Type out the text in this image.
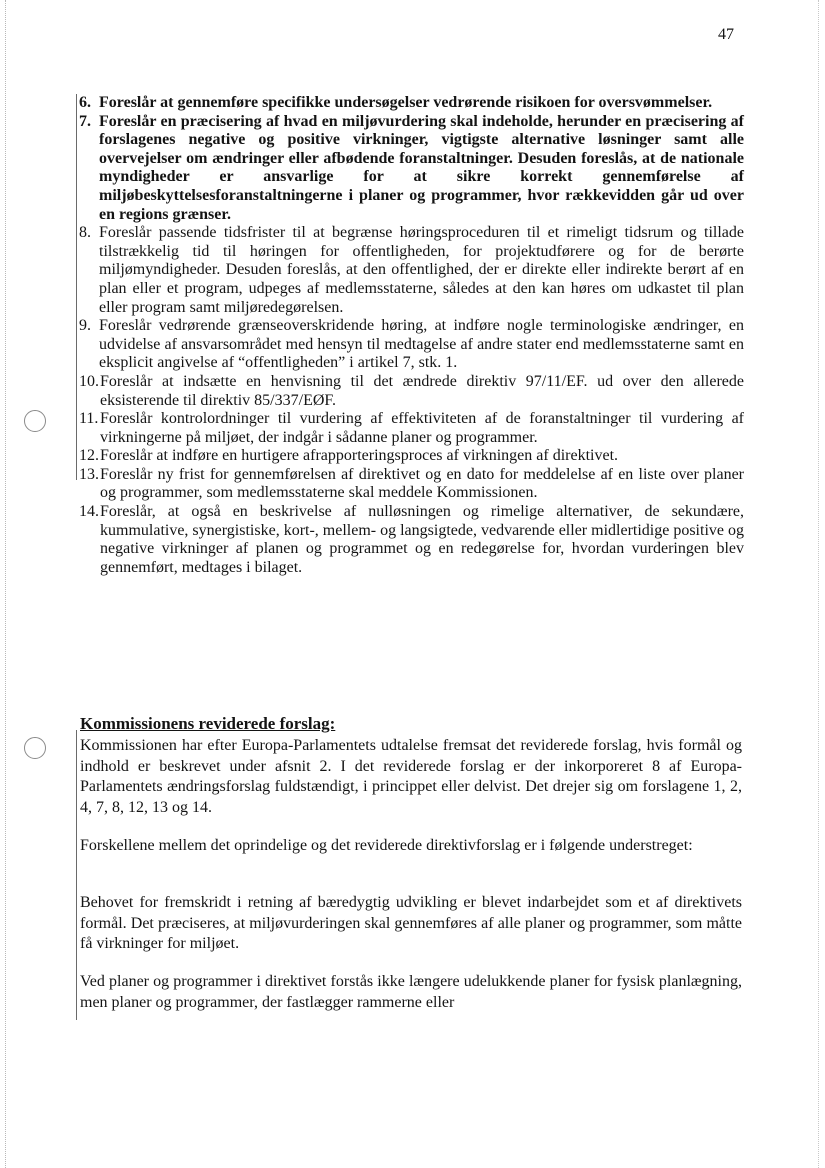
47
6. Foreslår at gennemføre specifikke undersøgelser vedrørende risikoen for oversvømmelser.
7. Foreslår en præcisering af hvad en miljøvurdering skal indeholde, herunder en præcisering af forslagenes negative og positive virkninger, vigtigste alternative løsninger samt alle overvejelser om ændringer eller afbødende foranstaltninger. Desuden foreslås, at de nationale myndigheder er ansvarlige for at sikre korrekt gennemførelse af miljøbeskyttelsesforanstaltningerne i planer og programmer, hvor rækkevidden går ud over en regions grænser.
8. Foreslår passende tidsfrister til at begrænse høringsproceduren til et rimeligt tidsrum og tillade tilstrækkelig tid til høringen for offentligheden, for projektudførere og for de berørte miljømyndigheder. Desuden foreslås, at den offentlighed, der er direkte eller indirekte berørt af en plan eller et program, udpeges af medlemsstaterne, således at den kan høres om udkastet til plan eller program samt miljøredegørelsen.
9. Foreslår vedrørende grænseoverskridende høring, at indføre nogle terminologiske ændringer, en udvidelse af ansvarsområdet med hensyn til medtagelse af andre stater end medlemsstaterne samt en eksplicit angivelse af “offentligheden” i artikel 7, stk. 1.
10. Foreslår at indsætte en henvisning til det ændrede direktiv 97/11/EF. ud over den allerede eksisterende til direktiv 85/337/EØF.
11. Foreslår kontrolordninger til vurdering af effektiviteten af de foranstaltninger til vurdering af virkningerne på miljøet, der indgår i sådanne planer og programmer.
12. Foreslår at indføre en hurtigere afrapporteringsproces af virkningen af direktivet.
13. Foreslår ny frist for gennemførelsen af direktivet og en dato for meddelelse af en liste over planer og programmer, som medlemsstaterne skal meddele Kommissionen.
14. Foreslår, at også en beskrivelse af nulløsningen og rimelige alternativer, de sekundære, kummulative, synergistiske, kort-, mellem- og langsigtede, vedvarende eller midlertidige positive og negative virkninger af planen og programmet og en redegørelse for, hvordan vurderingen blev gennemført, medtages i bilaget.
Kommissionens reviderede forslag:

Kommissionen har efter Europa-Parlamentets udtalelse fremsat det reviderede forslag, hvis formål og indhold er beskrevet under afsnit 2. I det reviderede forslag er der inkorporeret 8 af Europa-Parlamentets ændringsforslag fuldstændigt, i princippet eller delvist. Det drejer sig om forslagene 1, 2, 4, 7, 8, 12, 13 og 14.

Forskellene mellem det oprindelige og det reviderede direktivforslag er i følgende understreget:

Behovet for fremskridt i retning af bæredygtig udvikling er blevet indarbejdet som et af direktivets formål. Det præciseres, at miljøvurderingen skal gennemføres af alle planer og programmer, som måtte få virkninger for miljøet.

Ved planer og programmer i direktivet forstås ikke længere udelukkende planer for fysisk planlægning, men planer og programmer, der fastlægger rammerne eller
